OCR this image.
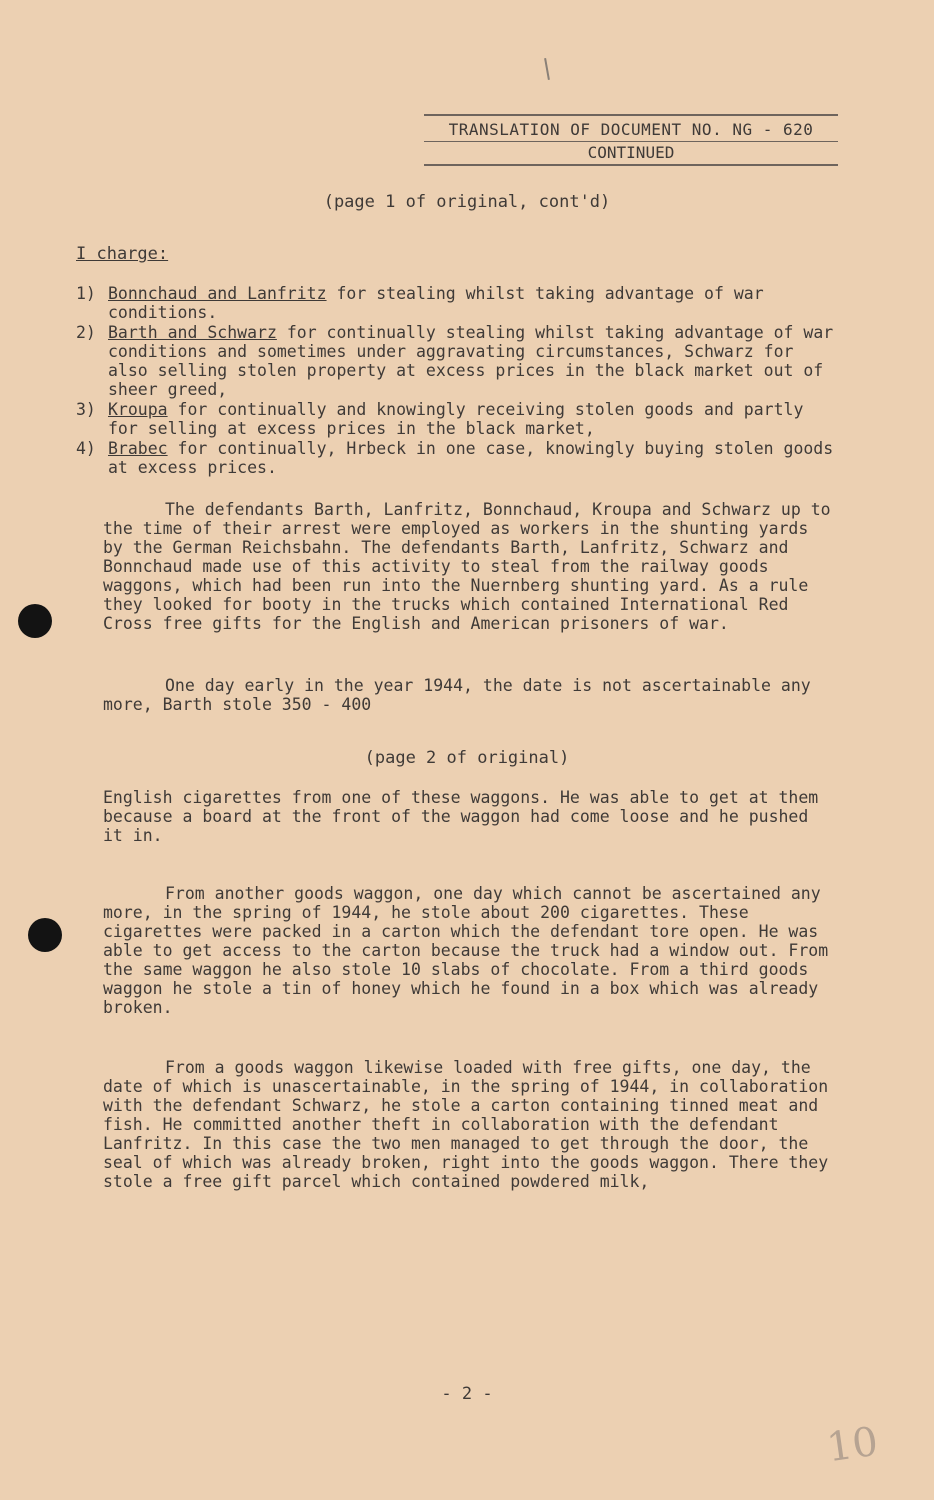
TRANSLATION OF DOCUMENT NO. NG - 620
CONTINUED
(page 1 of original, cont'd)
I charge:
1) Bonnchaud and Lanfritz for stealing whilst taking advantage of war conditions.
2) Barth and Schwarz for continually stealing whilst taking advantage of war conditions and sometimes under aggravating circumstances, Schwarz for also selling stolen property at excess prices in the black market out of sheer greed,
3) Kroupa for continually and knowingly receiving stolen goods and partly for selling at excess prices in the black market,
4) Brabec for continually, Hrbeck in one case, knowingly buying stolen goods at excess prices.
The defendants Barth, Lanfritz, Bonnchaud, Kroupa and Schwarz up to the time of their arrest were employed as workers in the shunting yards by the German Reichsbahn. The defendants Barth, Lanfritz, Schwarz and Bonnchaud made use of this activity to steal from the railway goods waggons, which had been run into the Nuernberg shunting yard. As a rule they looked for booty in the trucks which contained International Red Cross free gifts for the English and American prisoners of war.
One day early in the year 1944, the date is not ascertainable any more, Barth stole 350 - 400
(page 2 of original)
English cigarettes from one of these waggons. He was able to get at them because a board at the front of the waggon had come loose and he pushed it in.
From another goods waggon, one day which cannot be ascertained any more, in the spring of 1944, he stole about 200 cigarettes. These cigarettes were packed in a carton which the defendant tore open. He was able to get access to the carton because the truck had a window out. From the same waggon he also stole 10 slabs of chocolate. From a third goods waggon he stole a tin of honey which he found in a box which was already broken.
From a goods waggon likewise loaded with free gifts, one day, the date of which is unascertainable, in the spring of 1944, in collaboration with the defendant Schwarz, he stole a carton containing tinned meat and fish. He committed another theft in collaboration with the defendant Lanfritz. In this case the two men managed to get through the door, the seal of which was already broken, right into the goods waggon. There they stole a free gift parcel which contained powdered milk,
- 2 -
10
